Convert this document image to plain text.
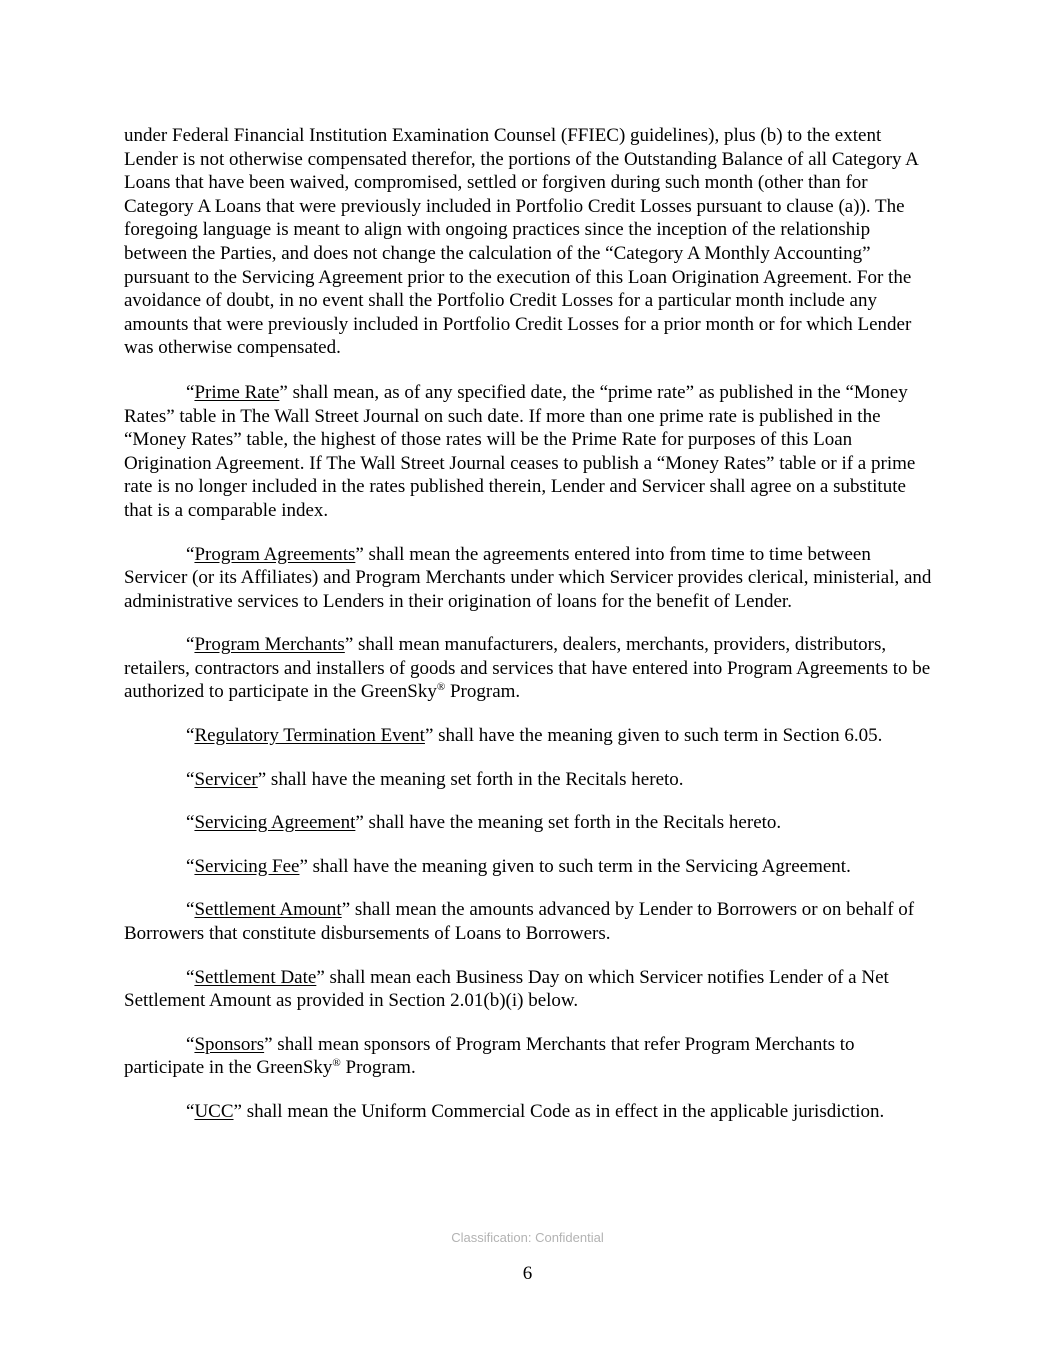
under Federal Financial Institution Examination Counsel (FFIEC) guidelines), plus (b) to the extent Lender is not otherwise compensated therefor, the portions of the Outstanding Balance of all Category A Loans that have been waived, compromised, settled or forgiven during such month (other than for Category A Loans that were previously included in Portfolio Credit Losses pursuant to clause (a)). The foregoing language is meant to align with ongoing practices since the inception of the relationship between the Parties, and does not change the calculation of the “Category A Monthly Accounting” pursuant to the Servicing Agreement prior to the execution of this Loan Origination Agreement. For the avoidance of doubt, in no event shall the Portfolio Credit Losses for a particular month include any amounts that were previously included in Portfolio Credit Losses for a prior month or for which Lender was otherwise compensated.

“Prime Rate” shall mean, as of any specified date, the “prime rate” as published in the “Money Rates” table in The Wall Street Journal on such date. If more than one prime rate is published in the “Money Rates” table, the highest of those rates will be the Prime Rate for purposes of this Loan Origination Agreement. If The Wall Street Journal ceases to publish a “Money Rates” table or if a prime rate is no longer included in the rates published therein, Lender and Servicer shall agree on a substitute that is a comparable index.

“Program Agreements” shall mean the agreements entered into from time to time between Servicer (or its Affiliates) and Program Merchants under which Servicer provides clerical, ministerial, and administrative services to Lenders in their origination of loans for the benefit of Lender.

“Program Merchants” shall mean manufacturers, dealers, merchants, providers, distributors, retailers, contractors and installers of goods and services that have entered into Program Agreements to be authorized to participate in the GreenSky® Program.

“Regulatory Termination Event” shall have the meaning given to such term in Section 6.05.

“Servicer” shall have the meaning set forth in the Recitals hereto.

“Servicing Agreement” shall have the meaning set forth in the Recitals hereto.

“Servicing Fee” shall have the meaning given to such term in the Servicing Agreement.

“Settlement Amount” shall mean the amounts advanced by Lender to Borrowers or on behalf of Borrowers that constitute disbursements of Loans to Borrowers.

“Settlement Date” shall mean each Business Day on which Servicer notifies Lender of a Net Settlement Amount as provided in Section 2.01(b)(i) below.

“Sponsors” shall mean sponsors of Program Merchants that refer Program Merchants to participate in the GreenSky® Program.

“UCC” shall mean the Uniform Commercial Code as in effect in the applicable jurisdiction.

Classification: Confidential
6
